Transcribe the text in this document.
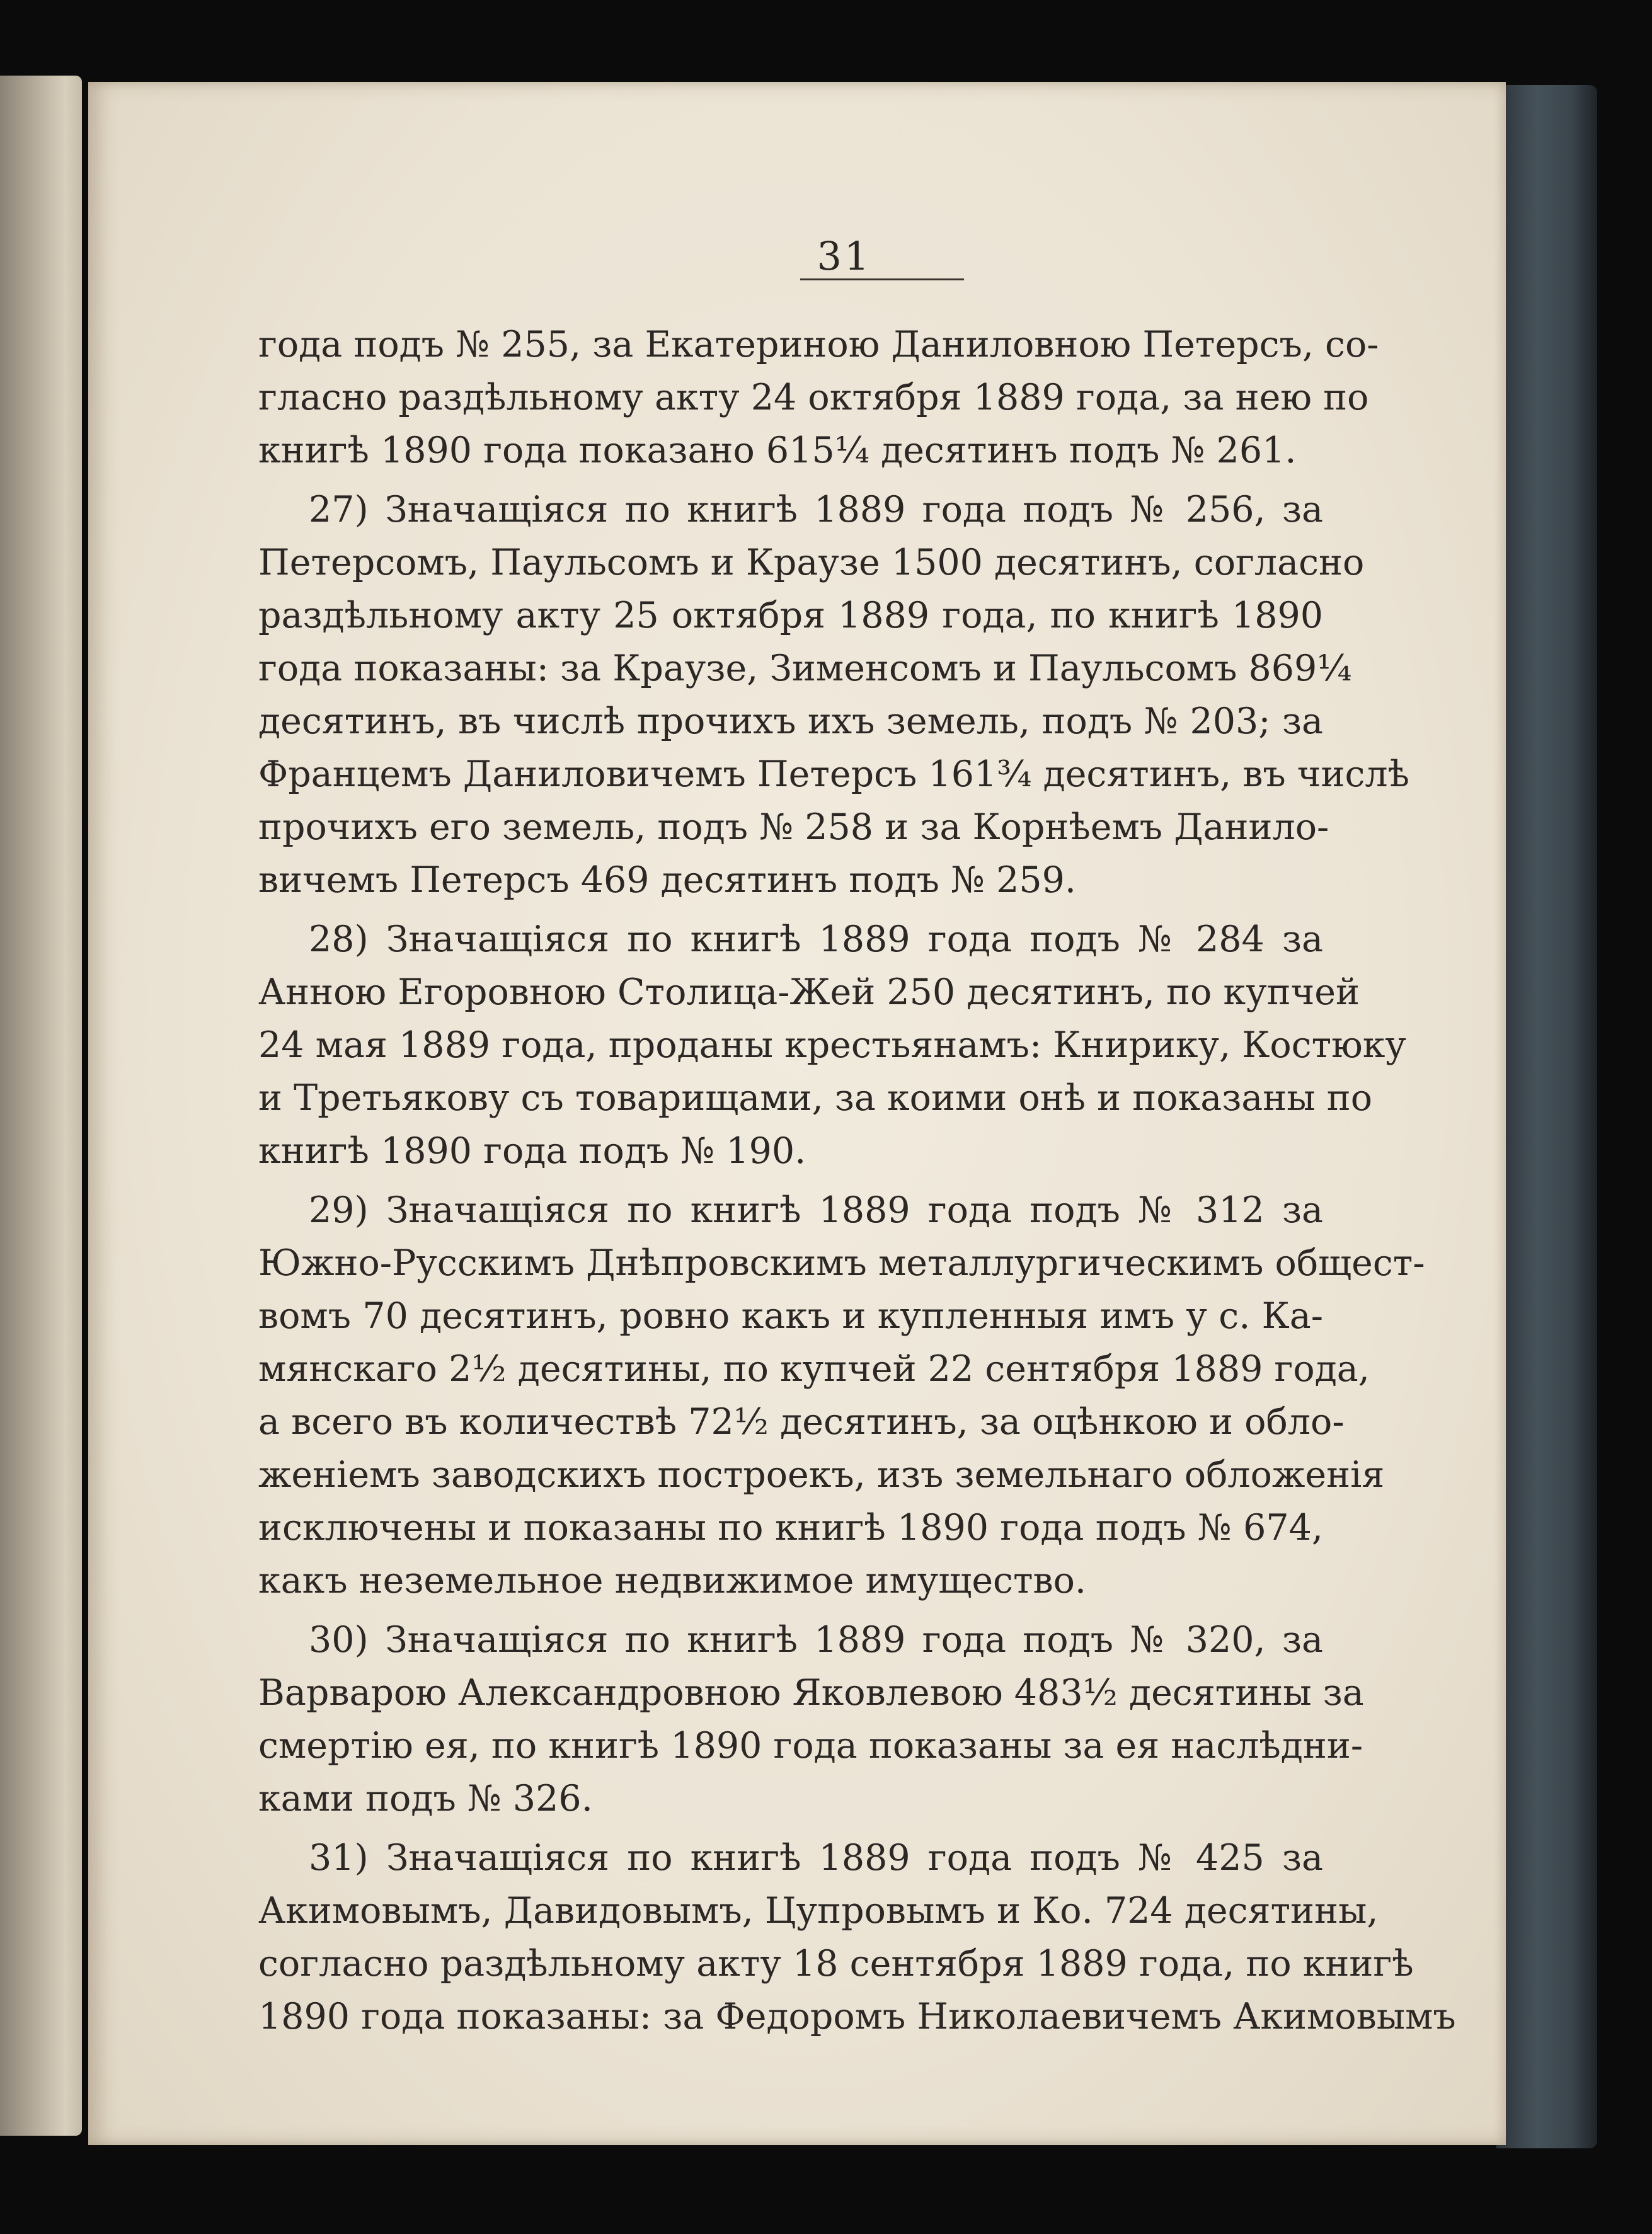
31
года подъ № 255, за Екатериною Даниловною Петерсъ, со-
гласно раздѣльному акту 24 октября 1889 года, за нею по
книгѣ 1890 года показано 615¼ десятинъ подъ № 261.
27) Значащіяся по книгѣ 1889 года подъ № 256, за
Петерсомъ, Паульсомъ и Краузе 1500 десятинъ, согласно
раздѣльному акту 25 октября 1889 года, по книгѣ 1890
года показаны: за Краузе, Зименсомъ и Паульсомъ 869¼
десятинъ, въ числѣ прочихъ ихъ земель, подъ № 203; за
Францемъ Даниловичемъ Петерсъ 161¾ десятинъ, въ числѣ
прочихъ его земель, подъ № 258 и за Корнѣемъ Данило-
вичемъ Петерсъ 469 десятинъ подъ № 259.
28) Значащіяся по книгѣ 1889 года подъ № 284 за
Анною Егоровною Столица-Жей 250 десятинъ, по купчей
24 мая 1889 года, проданы крестьянамъ: Книрику, Костюку
и Третьякову съ товарищами, за коими онѣ и показаны по
книгѣ 1890 года подъ № 190.
29) Значащіяся по книгѣ 1889 года подъ № 312 за
Южно-Русскимъ Днѣпровскимъ металлургическимъ общест-
вомъ 70 десятинъ, ровно какъ и купленныя имъ у с. Ка-
мянскаго 2½ десятины, по купчей 22 сентября 1889 года,
а всего въ количествѣ 72½ десятинъ, за оцѣнкою и обло-
женіемъ заводскихъ построекъ, изъ земельнаго обложенія
исключены и показаны по книгѣ 1890 года подъ № 674,
какъ неземельное недвижимое имущество.
30) Значащіяся по книгѣ 1889 года подъ № 320, за
Варварою Александровною Яковлевою 483½ десятины за
смертію ея, по книгѣ 1890 года показаны за ея наслѣдни-
ками подъ № 326.
31) Значащіяся по книгѣ 1889 года подъ № 425 за
Акимовымъ, Давидовымъ, Цупровымъ и Ко. 724 десятины,
согласно раздѣльному акту 18 сентября 1889 года, по книгѣ
1890 года показаны: за Федоромъ Николаевичемъ Акимовымъ
